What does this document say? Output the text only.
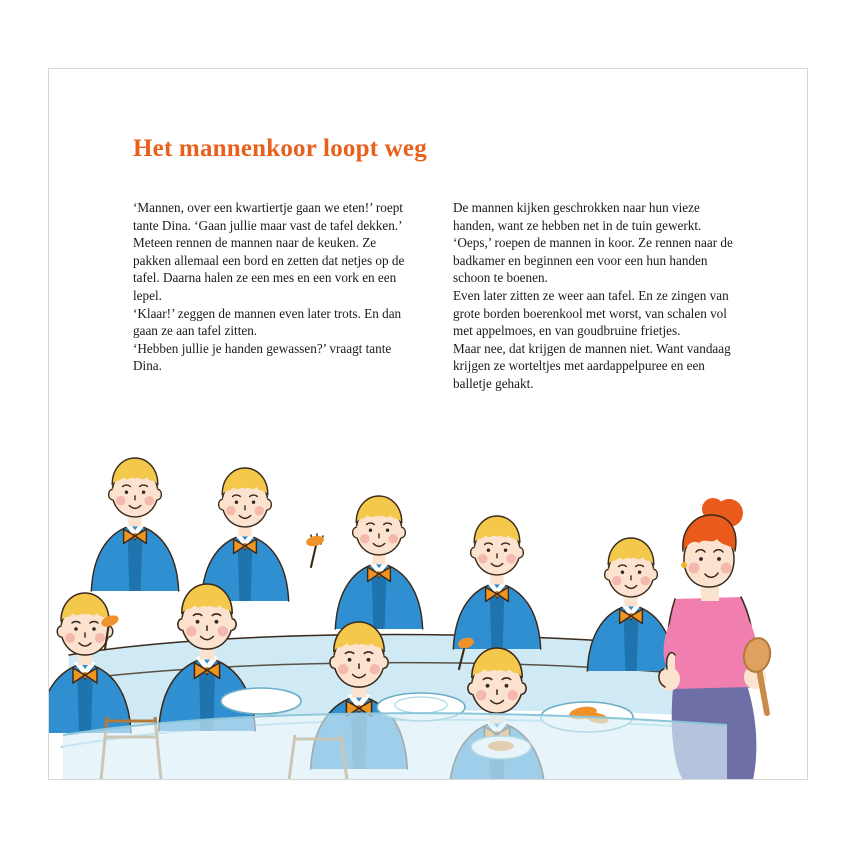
Het mannenkoor loopt weg

‘Mannen, over een kwartiertje gaan we eten!’ roept tante Dina. ‘Gaan jullie maar vast de tafel dekken.’

Meteen rennen de mannen naar de keuken. Ze pakken allemaal een bord en zetten dat netjes op de tafel. Daarna halen ze een mes en een vork en een lepel.

‘Klaar!’ zeggen de mannen even later trots. En dan gaan ze aan tafel zitten.

‘Hebben jullie je handen gewassen?’ vraagt tante Dina.

De mannen kijken geschrokken naar hun vieze handen, want ze hebben net in de tuin gewerkt.

‘Oeps,’ roepen de mannen in koor. Ze rennen naar de badkamer en beginnen een voor een hun handen schoon te boenen.

Even later zitten ze weer aan tafel. En ze zingen van grote borden boerenkool met worst, van schalen vol met appelmoes, en van goudbruine frietjes.

Maar nee, dat krijgen de mannen niet. Want vandaag krijgen ze worteltjes met aardappelpuree en een balletje gehakt.
